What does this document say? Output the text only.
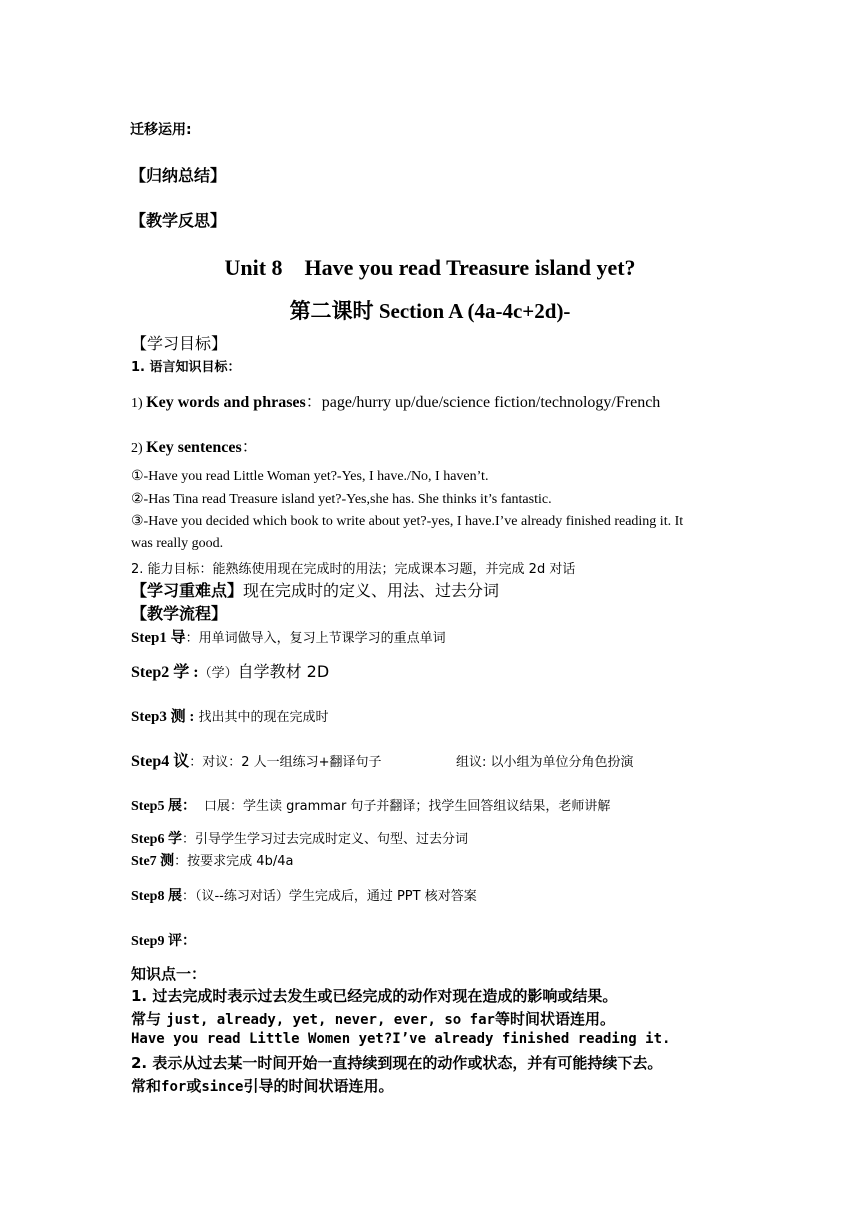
迁移运用:
【归纳总结】
【教学反思】
Unit 8　Have you read Treasure island yet?
第二课时 Section A (4a-4c+2d)-
【学习目标】
1. 语言知识目标：
1) Key words and phrases：page/hurry up/due/science fiction/technology/French
2) Key sentences：
①-Have you read Little Woman yet?-Yes, I have./No, I haven’t.
②-Has Tina read Treasure island yet?-Yes,she has. She thinks it’s fantastic.
③-Have you decided which book to write about yet?-yes, I have.I’ve already finished reading it. It
was really good.
2. 能力目标：能熟练使用现在完成时的用法；完成课本习题，并完成 2d 对话
【学习重难点】现在完成时的定义、用法、过去分词
【教学流程】
Step1 导：用单词做导入，复习上节课学习的重点单词
Step2 学 :（学）自学教材 2D
Step3 测 : 找出其中的现在完成时
Step4 议：对议：2 人一组练习+翻译句子	组议: 以小组为单位分角色扮演
Step5 展： 口展：学生读 grammar 句子并翻译；找学生回答组议结果，老师讲解
Step6 学：引导学生学习过去完成时定义、句型、过去分词
Ste7 测：按要求完成 4b/4a
Step8 展：（议--练习对话）学生完成后，通过 PPT 核对答案
Step9 评：
知识点一：
1. 过去完成时表示过去发生或已经完成的动作对现在造成的影响或结果。
常与 just, already, yet, never, ever, so far等时间状语连用。
Have you read Little Women yet?I’ve already finished reading it.
2. 表示从过去某一时间开始一直持续到现在的动作或状态，并有可能持续下去。
常和for或since引导的时间状语连用。
